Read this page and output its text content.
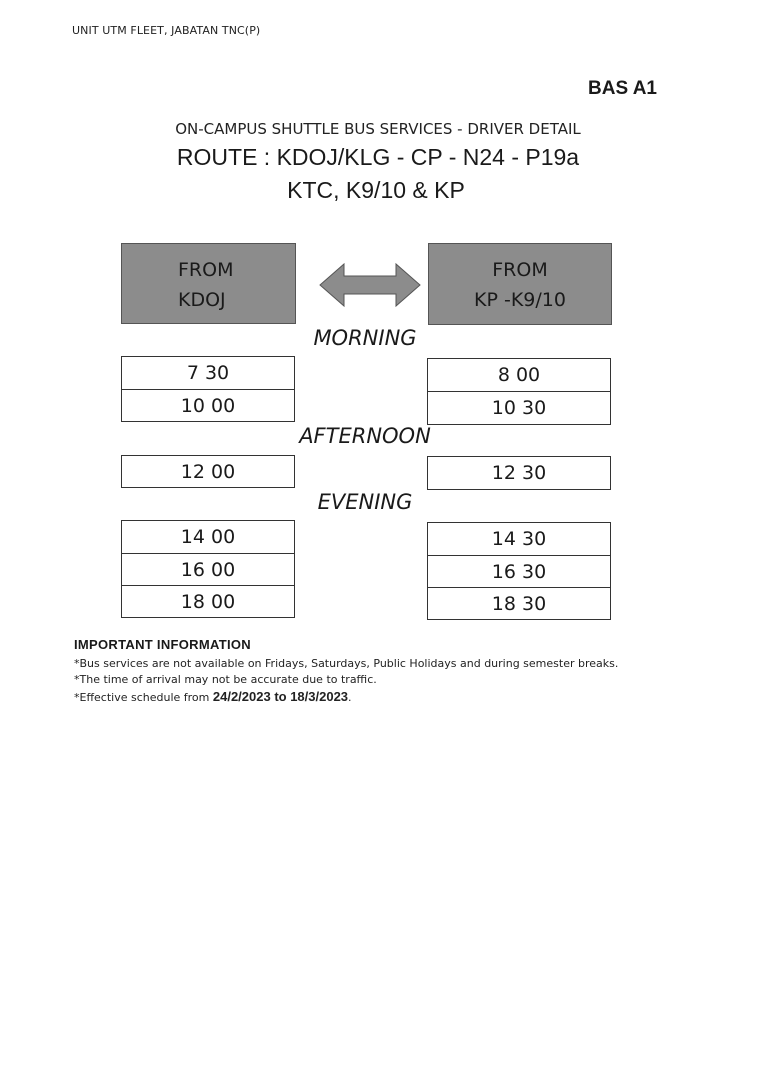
UNIT UTM FLEET, JABATAN TNC(P)
BAS A1
ON-CAMPUS SHUTTLE BUS SERVICES - DRIVER DETAIL
ROUTE : KDOJ/KLG - CP - N24 - P19a
KTC, K9/10 & KP
FROM
KDOJ
FROM
KP -K9/10
MORNING
7 30
10 00
8 00
10 30
AFTERNOON
12 00	12 30
EVENING
14 00
16 00
18 00
14 30
16 30
18 30
IMPORTANT INFORMATION
*Bus services are not available on Fridays, Saturdays, Public Holidays and during semester breaks.
*The time of arrival may not be accurate due to traffic.
*Effective schedule from 24/2/2023 to 18/3/2023.
